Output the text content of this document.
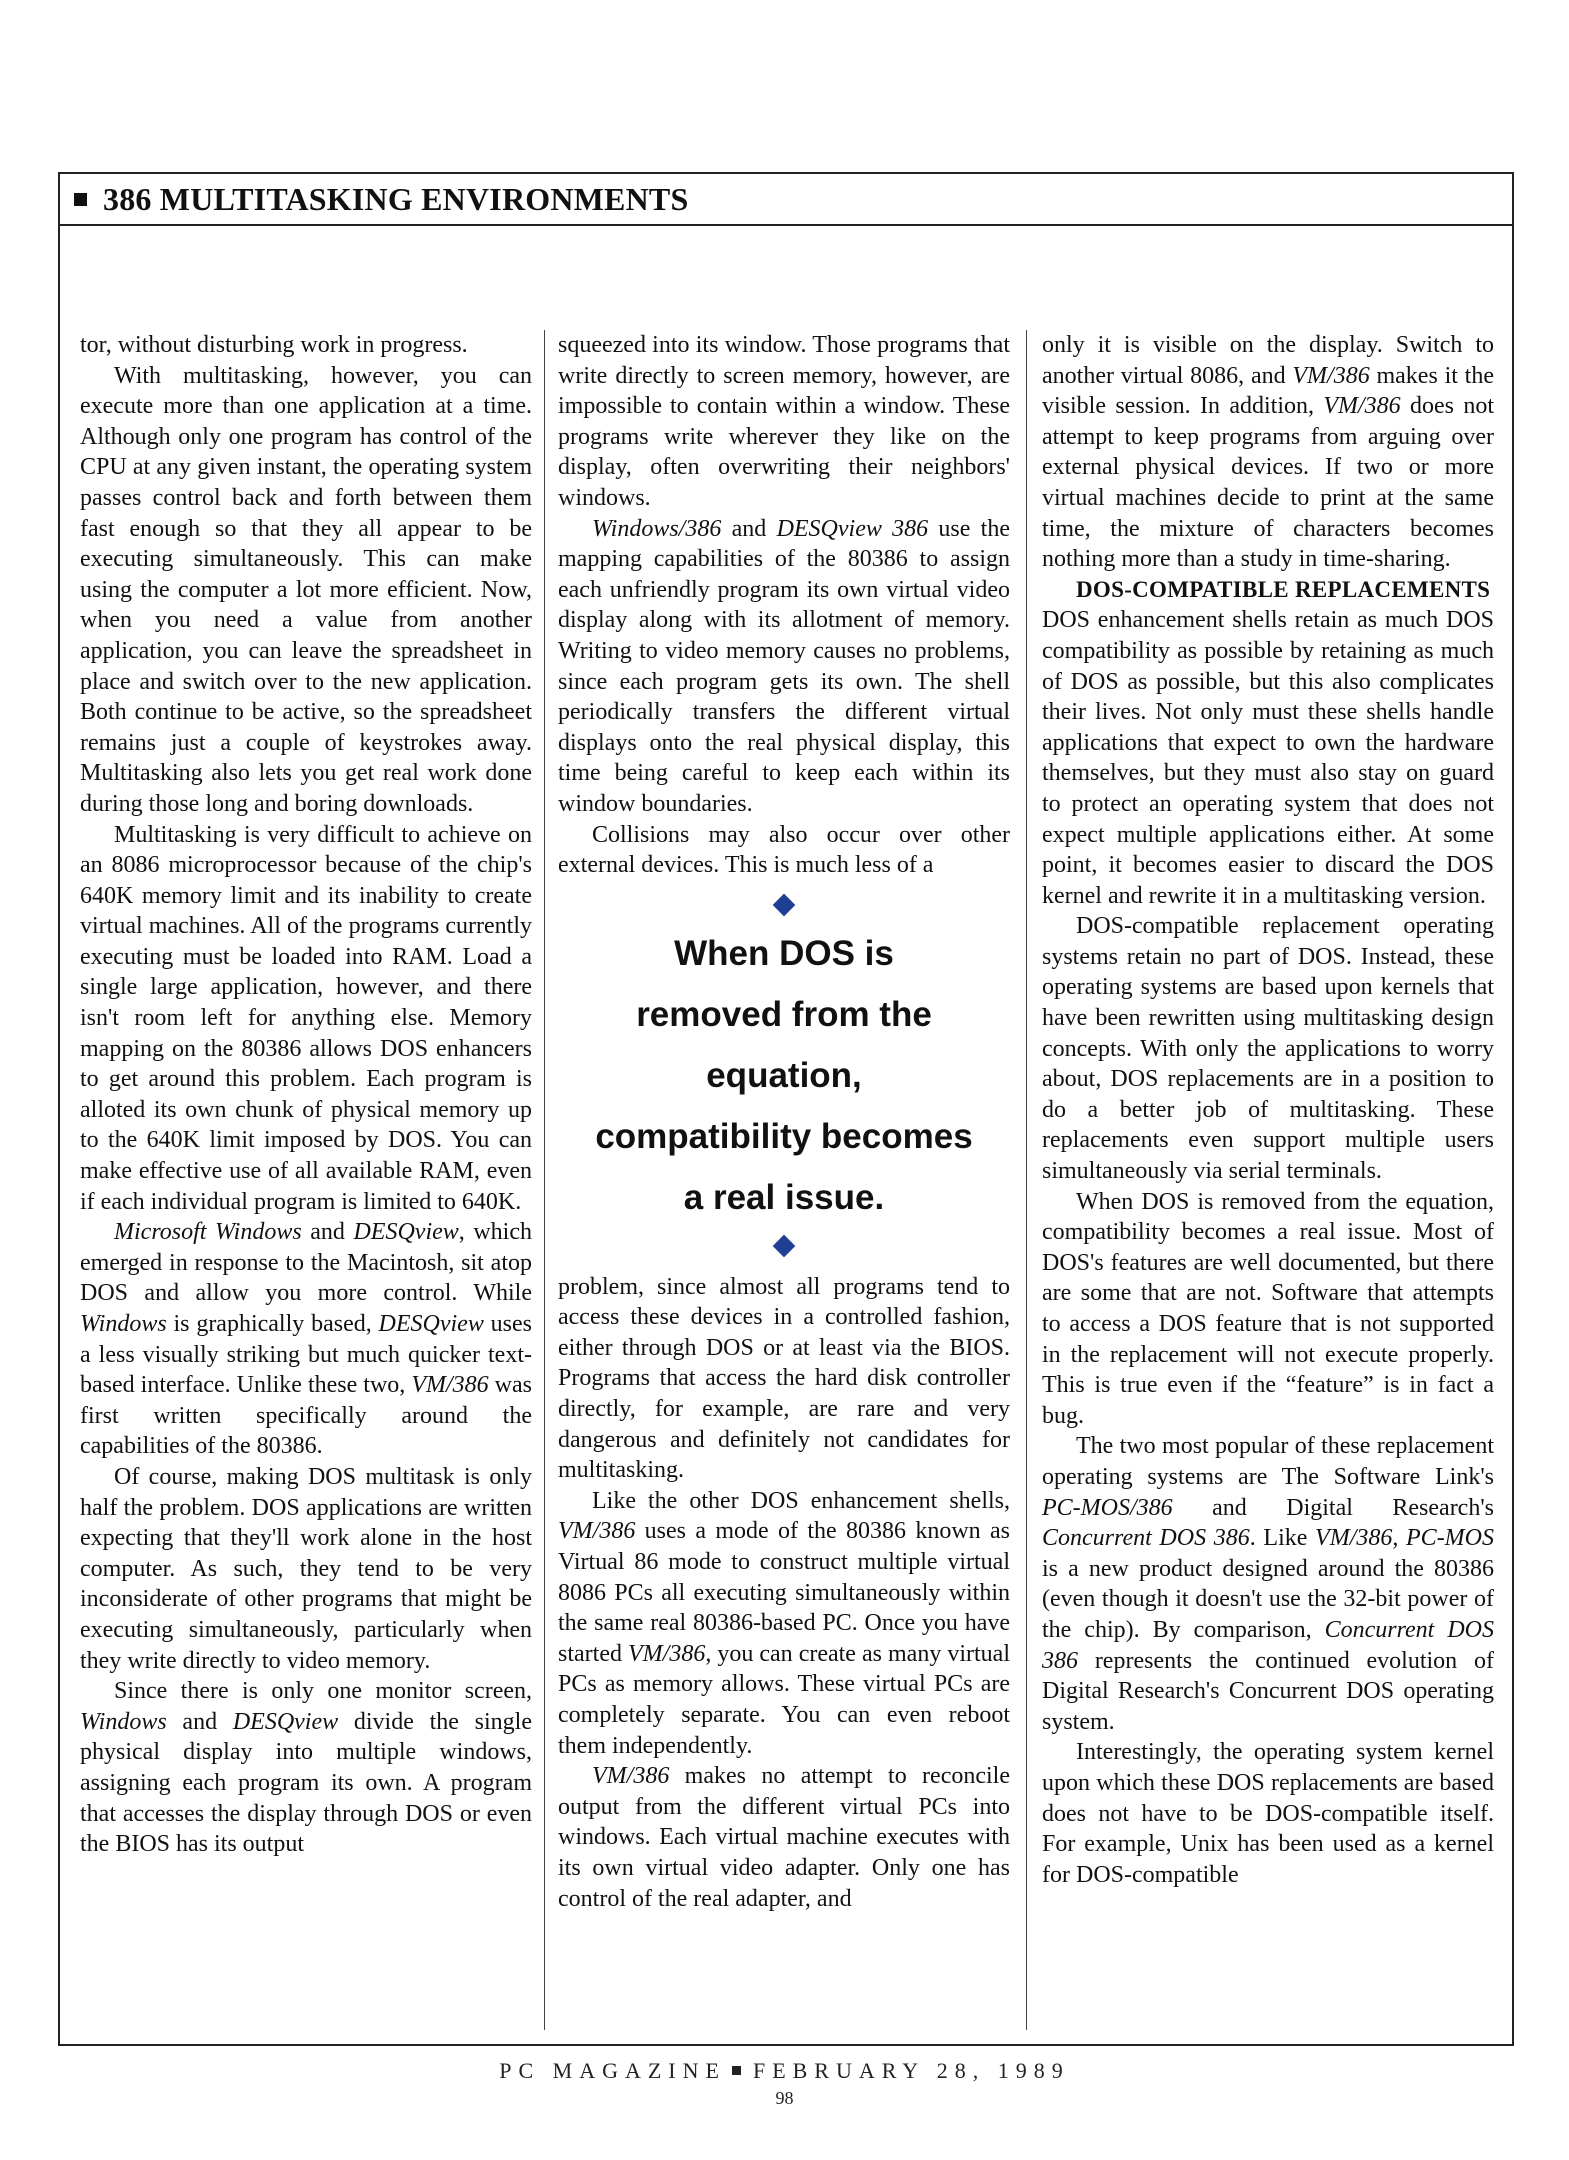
386 MULTITASKING ENVIRONMENTS

tor, without disturbing work in progress.

With multitasking, however, you can execute more than one application at a time. Although only one program has control of the CPU at any given instant, the operating system passes control back and forth between them fast enough so that they all appear to be executing simultaneously. This can make using the computer a lot more efficient. Now, when you need a value from another application, you can leave the spreadsheet in place and switch over to the new application. Both continue to be active, so the spreadsheet remains just a couple of keystrokes away. Multitasking also lets you get real work done during those long and boring downloads.

Multitasking is very difficult to achieve on an 8086 microprocessor because of the chip's 640K memory limit and its inability to create virtual machines. All of the programs currently executing must be loaded into RAM. Load a single large application, however, and there isn't room left for anything else. Memory mapping on the 80386 allows DOS enhancers to get around this problem. Each program is alloted its own chunk of physical memory up to the 640K limit imposed by DOS. You can make effective use of all available RAM, even if each individual program is limited to 640K.

Microsoft Windows and DESQview, which emerged in response to the Macintosh, sit atop DOS and allow you more control. While Windows is graphically based, DESQview uses a less visually striking but much quicker text-based interface. Unlike these two, VM/386 was first written specifically around the capabilities of the 80386.

Of course, making DOS multitask is only half the problem. DOS applications are written expecting that they'll work alone in the host computer. As such, they tend to be very inconsiderate of other programs that might be executing simultaneously, particularly when they write directly to video memory.

Since there is only one monitor screen, Windows and DESQview divide the single physical display into multiple windows, assigning each program its own. A program that accesses the display through DOS or even the BIOS has its output

squeezed into its window. Those programs that write directly to screen memory, however, are impossible to contain within a window. These programs write wherever they like on the display, often overwriting their neighbors' windows.

Windows/386 and DESQview 386 use the mapping capabilities of the 80386 to assign each unfriendly program its own virtual video display along with its allotment of memory. Writing to video memory causes no problems, since each program gets its own. The shell periodically transfers the different virtual displays onto the real physical display, this time being careful to keep each within its window boundaries.

Collisions may also occur over other external devices. This is much less of a

When DOS is
removed from the
equation,
compatibility becomes
a real issue.

problem, since almost all programs tend to access these devices in a controlled fashion, either through DOS or at least via the BIOS. Programs that access the hard disk controller directly, for example, are rare and very dangerous and definitely not candidates for multitasking.

Like the other DOS enhancement shells, VM/386 uses a mode of the 80386 known as Virtual 86 mode to construct multiple virtual 8086 PCs all executing simultaneously within the same real 80386-based PC. Once you have started VM/386, you can create as many virtual PCs as memory allows. These virtual PCs are completely separate. You can even reboot them independently.

VM/386 makes no attempt to reconcile output from the different virtual PCs into windows. Each virtual machine executes with its own virtual video adapter. Only one has control of the real adapter, and

only it is visible on the display. Switch to another virtual 8086, and VM/386 makes it the visible session. In addition, VM/386 does not attempt to keep programs from arguing over external physical devices. If two or more virtual machines decide to print at the same time, the mixture of characters becomes nothing more than a study in time-sharing.

DOS-COMPATIBLE REPLACEMENTS

DOS enhancement shells retain as much DOS compatibility as possible by retaining as much of DOS as possible, but this also complicates their lives. Not only must these shells handle applications that expect to own the hardware themselves, but they must also stay on guard to protect an operating system that does not expect multiple applications either. At some point, it becomes easier to discard the DOS kernel and rewrite it in a multitasking version.

DOS-compatible replacement operating systems retain no part of DOS. Instead, these operating systems are based upon kernels that have been rewritten using multitasking design concepts. With only the applications to worry about, DOS replacements are in a position to do a better job of multitasking. These replacements even support multiple users simultaneously via serial terminals.

When DOS is removed from the equation, compatibility becomes a real issue. Most of DOS's features are well documented, but there are some that are not. Software that attempts to access a DOS feature that is not supported in the replacement will not execute properly. This is true even if the “feature” is in fact a bug.

The two most popular of these replacement operating systems are The Software Link's PC-MOS/386 and Digital Research's Concurrent DOS 386. Like VM/386, PC-MOS is a new product designed around the 80386 (even though it doesn't use the 32-bit power of the chip). By comparison, Concurrent DOS 386 represents the continued evolution of Digital Research's Concurrent DOS operating system.

Interestingly, the operating system kernel upon which these DOS replacements are based does not have to be DOS-compatible itself. For example, Unix has been used as a kernel for DOS-compatible

PC MAGAZINE FEBRUARY 28, 1989
98
